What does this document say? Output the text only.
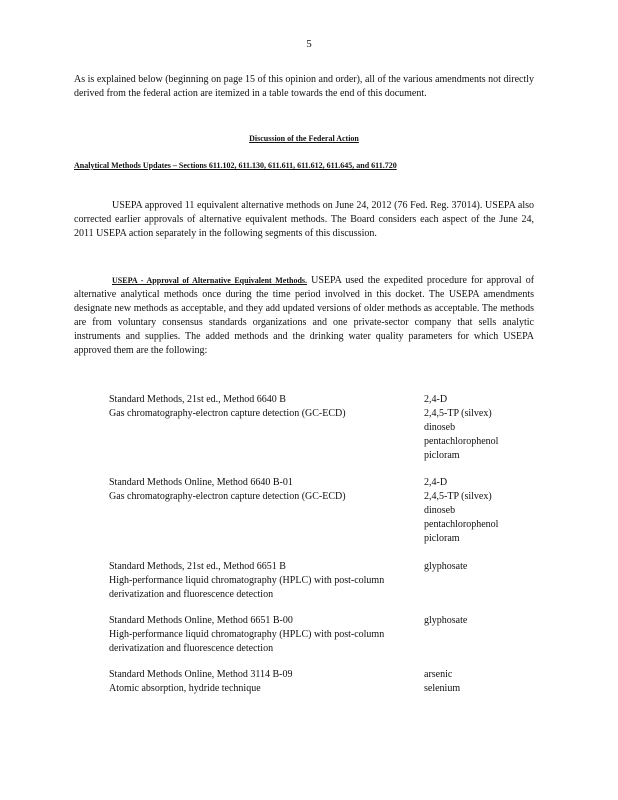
5
As is explained below (beginning on page 15 of this opinion and order), all of the various amendments not directly derived from the federal action are itemized in a table towards the end of this document.
Discussion of the Federal Action
Analytical Methods Updates – Sections 611.102, 611.130, 611.611, 611.612, 611.645, and 611.720
USEPA approved 11 equivalent alternative methods on June 24, 2012 (76 Fed. Reg. 37014). USEPA also corrected earlier approvals of alternative equivalent methods. The Board considers each aspect of the June 24, 2011 USEPA action separately in the following segments of this discussion.
USEPA - Approval of Alternative Equivalent Methods. USEPA used the expedited procedure for approval of alternative analytical methods once during the time period involved in this docket. The USEPA amendments designate new methods as acceptable, and they add updated versions of older methods as acceptable. The methods are from voluntary consensus standards organizations and one private-sector company that sells analytic instruments and supplies. The added methods and the drinking water quality parameters for which USEPA approved them are the following:
Standard Methods, 21st ed., Method 6640 B
Gas chromatography-electron capture detection (GC-ECD)
2,4-D
2,4,5-TP (silvex)
dinoseb
pentachlorophenol
picloram
Standard Methods Online, Method 6640 B-01
Gas chromatography-electron capture detection (GC-ECD)
2,4-D
2,4,5-TP (silvex)
dinoseb
pentachlorophenol
picloram
Standard Methods, 21st ed., Method 6651 B
High-performance liquid chromatography (HPLC) with post-column derivatization and fluorescence detection
glyphosate
Standard Methods Online, Method 6651 B-00
High-performance liquid chromatography (HPLC) with post-column derivatization and fluorescence detection
glyphosate
Standard Methods Online, Method 3114 B-09
Atomic absorption, hydride technique
arsenic
selenium
